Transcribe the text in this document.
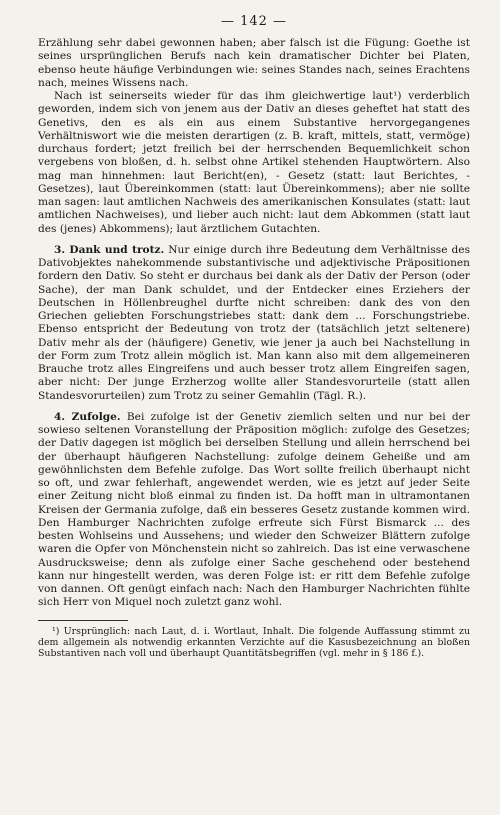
— 142 —

Erzählung sehr dabei gewonnen haben; aber falsch ist die Fügung: Goethe ist seines ursprünglichen Berufs nach kein dramatischer Dichter bei Platen, ebenso heute häufige Verbindungen wie: seines Standes nach, seines Erachtens nach, meines Wissens nach.

Nach ist seinerseits wieder für das ihm gleichwertige laut¹) verderblich geworden, indem sich von jenem aus der Dativ an dieses geheftet hat statt des Genetivs, den es als ein aus einem Substantive hervorgegangenes Verhältniswort wie die meisten derartigen (z. B. kraft, mittels, statt, vermöge) durchaus fordert; jetzt freilich bei der herrschenden Bequemlichkeit schon vergebens von bloßen, d. h. selbst ohne Artikel stehenden Hauptwörtern. Also mag man hinnehmen: laut Bericht(en), - Gesetz (statt: laut Berichtes, - Gesetzes), laut Übereinkommen (statt: laut Übereinkommens); aber nie sollte man sagen: laut amtlichen Nachweis des amerikanischen Konsulates (statt: laut amtlichen Nachweises), und lieber auch nicht: laut dem Abkommen (statt laut des (jenes) Abkommens); laut ärztlichem Gutachten.

3. Dank und trotz. Nur einige durch ihre Bedeutung dem Verhältnisse des Dativobjektes nahekommende substantivische und adjektivische Präpositionen fordern den Dativ. So steht er durchaus bei dank als der Dativ der Person (oder Sache), der man Dank schuldet, und der Entdecker eines Erziehers der Deutschen in Höllenbreughel durfte nicht schreiben: dank des von den Griechen geliebten Forschungstriebes statt: dank dem ... Forschungstriebe. Ebenso entspricht der Bedeutung von trotz der (tatsächlich jetzt seltenere) Dativ mehr als der (häufigere) Genetiv, wie jener ja auch bei Nachstellung in der Form zum Trotz allein möglich ist. Man kann also mit dem allgemeineren Brauche trotz alles Eingreifens und auch besser trotz allem Eingreifen sagen, aber nicht: Der junge Erzherzog wollte aller Standesvorurteile (statt allen Standesvorurteilen) zum Trotz zu seiner Gemahlin (Tägl. R.).

4. Zufolge. Bei zufolge ist der Genetiv ziemlich selten und nur bei der sowieso seltenen Voranstellung der Präposition möglich: zufolge des Gesetzes; der Dativ dagegen ist möglich bei derselben Stellung und allein herrschend bei der überhaupt häufigeren Nachstellung: zufolge deinem Geheiße und am gewöhnlichsten dem Befehle zufolge. Das Wort sollte freilich überhaupt nicht so oft, und zwar fehlerhaft, angewendet werden, wie es jetzt auf jeder Seite einer Zeitung nicht bloß einmal zu finden ist. Da hofft man in ultramontanen Kreisen der Germania zufolge, daß ein besseres Gesetz zustande kommen wird. Den Hamburger Nachrichten zufolge erfreute sich Fürst Bismarck ... des besten Wohlseins und Aussehens; und wieder den Schweizer Blättern zufolge waren die Opfer von Mönchenstein nicht so zahlreich. Das ist eine verwaschene Ausdrucksweise; denn als zufolge einer Sache geschehend oder bestehend kann nur hingestellt werden, was deren Folge ist: er ritt dem Befehle zufolge von dannen. Oft genügt einfach nach: Nach den Hamburger Nachrichten fühlte sich Herr von Miquel noch zuletzt ganz wohl.

¹) Ursprünglich: nach Laut, d. i. Wortlaut, Inhalt. Die folgende Auffassung stimmt zu dem allgemein als notwendig erkannten Verzichte auf die Kasusbezeichnung an bloßen Substantiven nach voll und überhaupt Quantitätsbegriffen (vgl. mehr in § 186 f.).
